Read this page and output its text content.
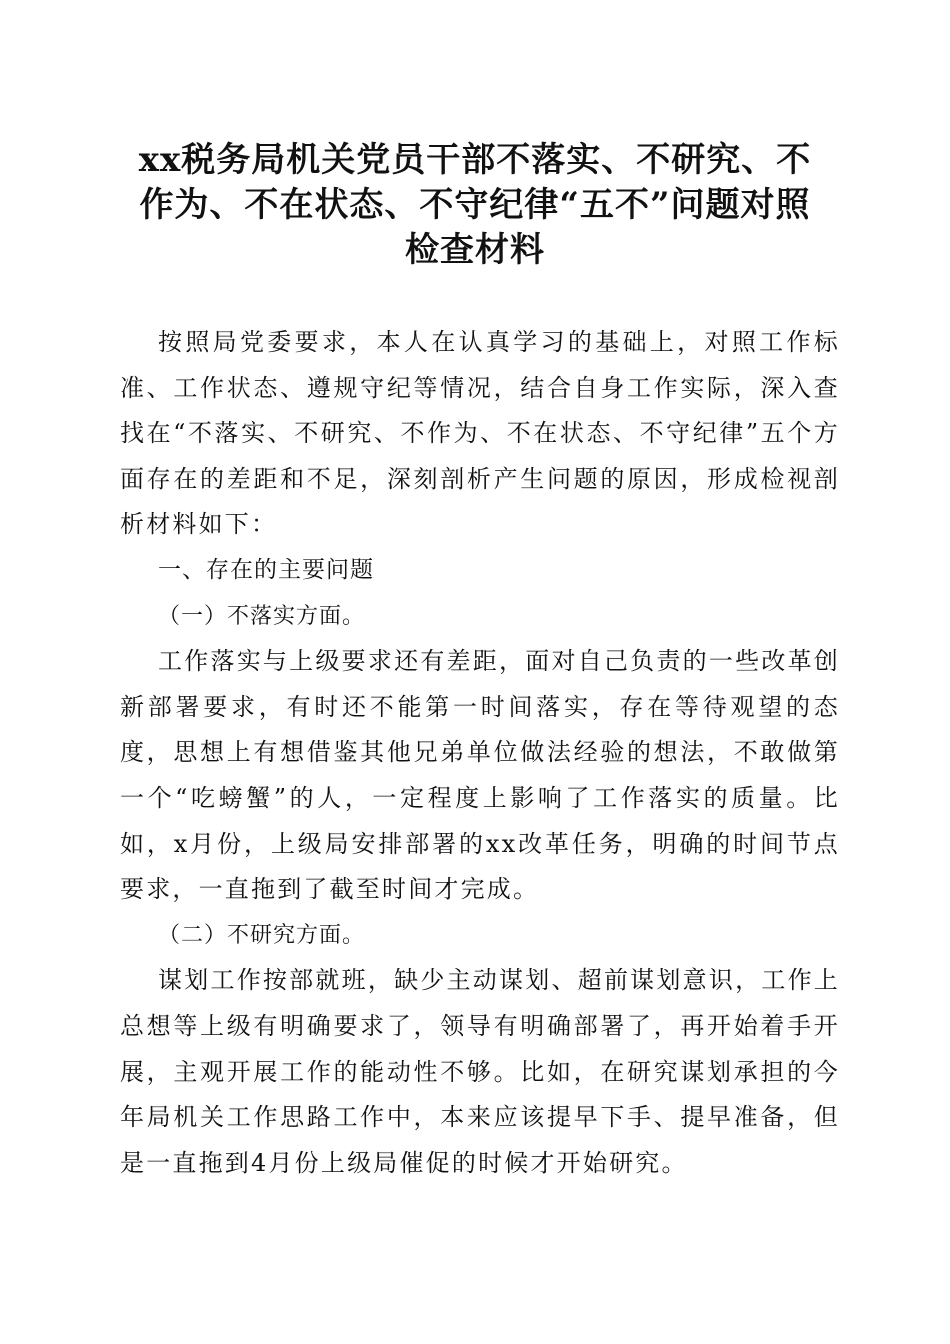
xx税务局机关党员干部不落实、不研究、不
作为、不在状态、不守纪律“五不”问题对照
检查材料

按照局党委要求，本人在认真学习的基础上，对照工作标准、工作状态、遵规守纪等情况，结合自身工作实际，深入查找在“不落实、不研究、不作为、不在状态、不守纪律”五个方面存在的差距和不足，深刻剖析产生问题的原因，形成检视剖析材料如下：

一、存在的主要问题

（一）不落实方面。

工作落实与上级要求还有差距，面对自己负责的一些改革创新部署要求，有时还不能第一时间落实，存在等待观望的态度，思想上有想借鉴其他兄弟单位做法经验的想法，不敢做第一个“吃螃蟹”的人，一定程度上影响了工作落实的质量。比如，x月份，上级局安排部署的xx改革任务，明确的时间节点要求，一直拖到了截至时间才完成。

（二）不研究方面。

谋划工作按部就班，缺少主动谋划、超前谋划意识，工作上总想等上级有明确要求了，领导有明确部署了，再开始着手开展，主观开展工作的能动性不够。比如，在研究谋划承担的今年局机关工作思路工作中，本来应该提早下手、提早准备，但是一直拖到4月份上级局催促的时候才开始研究。
